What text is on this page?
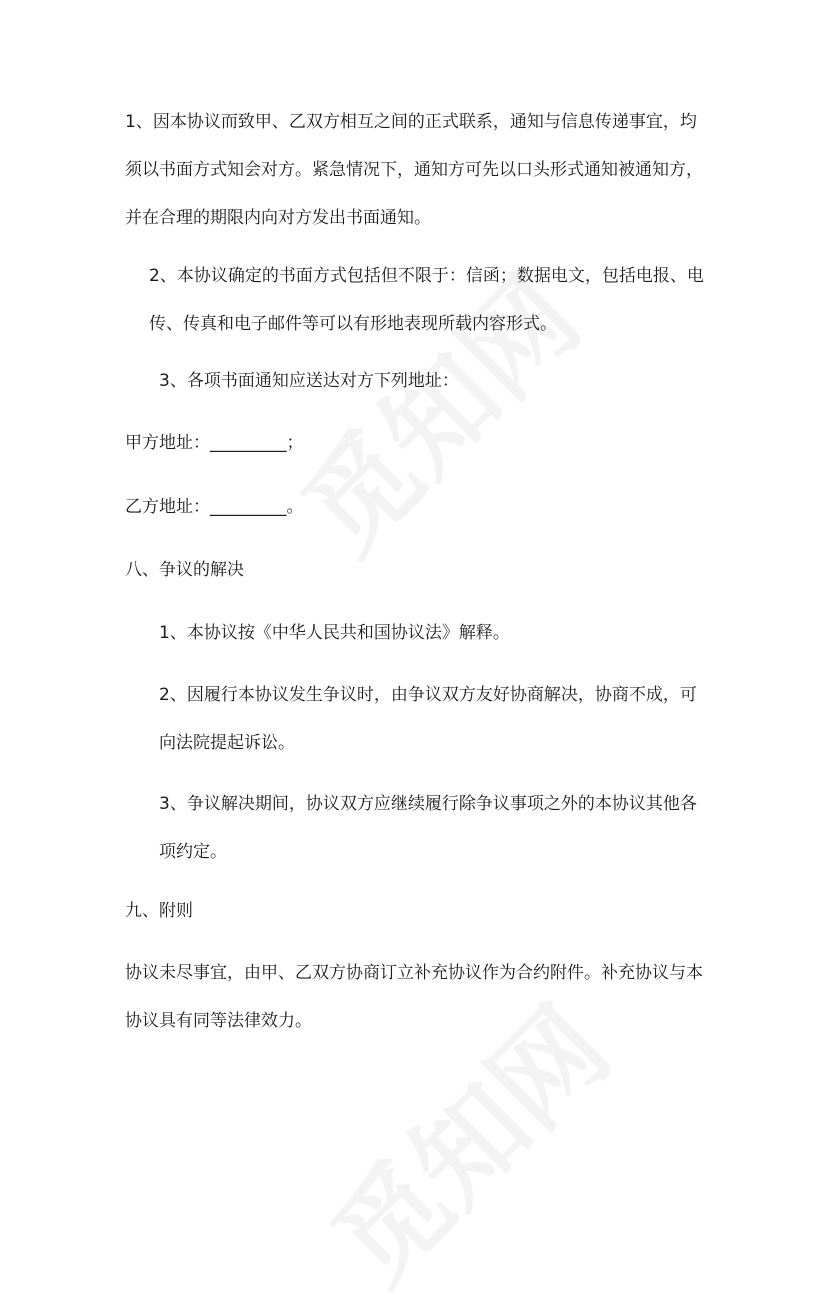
1、因本协议而致甲、乙双方相互之间的正式联系，通知与信息传递事宜，均须以书面方式知会对方。紧急情况下，通知方可先以口头形式通知被通知方，并在合理的期限内向对方发出书面通知。

2、本协议确定的书面方式包括但不限于：信函；数据电文，包括电报、电传、传真和电子邮件等可以有形地表现所载内容形式。

3、各项书面通知应送达对方下列地址：

甲方地址：_________；

乙方地址：_________。

八、争议的解决

1、本协议按《中华人民共和国协议法》解释。

2、因履行本协议发生争议时，由争议双方友好协商解决，协商不成，可向法院提起诉讼。

3、争议解决期间，协议双方应继续履行除争议事项之外的本协议其他各项约定。

九、附则

协议未尽事宜，由甲、乙双方协商订立补充协议作为合约附件。补充协议与本协议具有同等法律效力。
